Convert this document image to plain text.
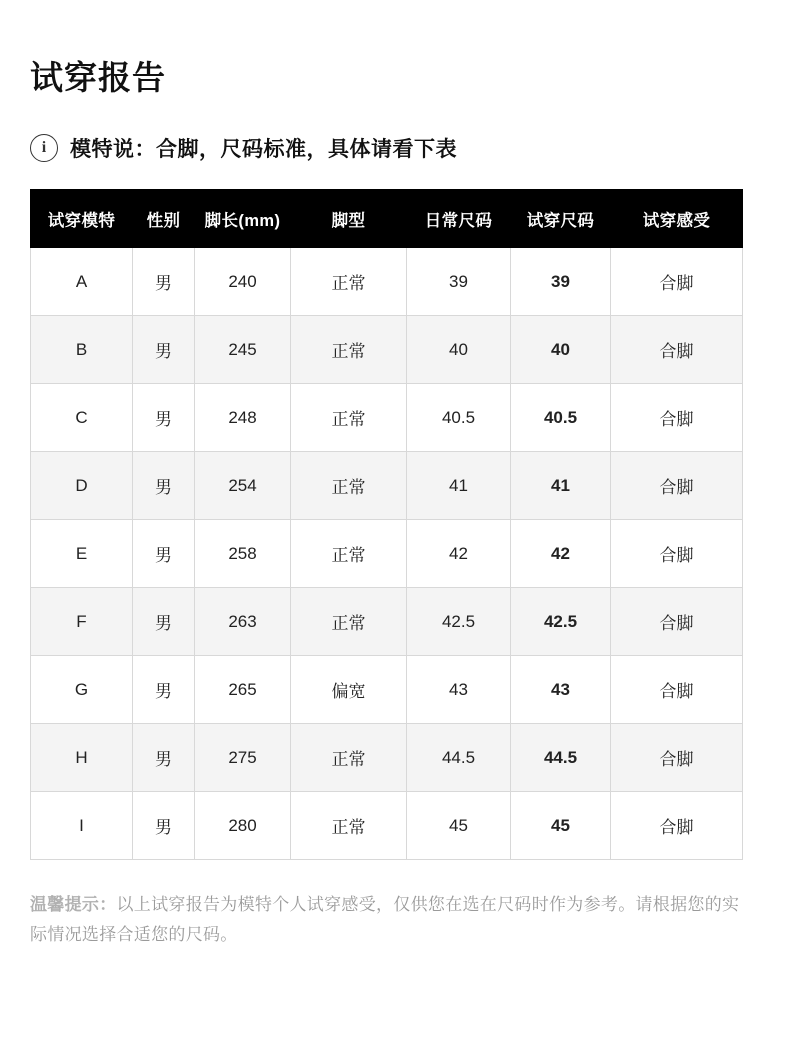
试穿报告
i	模特说：合脚，尺码标准，具体请看下表
试穿模特	性别	脚长(mm)	脚型	日常尺码	试穿尺码	试穿感受
A	男	240	正常	39	39	合脚
B	男	245	正常	40	40	合脚
C	男	248	正常	40.5	40.5	合脚
D	男	254	正常	41	41	合脚
E	男	258	正常	42	42	合脚
F	男	263	正常	42.5	42.5	合脚
G	男	265	偏宽	43	43	合脚
H	男	275	正常	44.5	44.5	合脚
I	男	280	正常	45	45	合脚
温馨提示：以上试穿报告为模特个人试穿感受，仅供您在选在尺码时作为参考。请根据您的实际情况选择合适您的尺码。
